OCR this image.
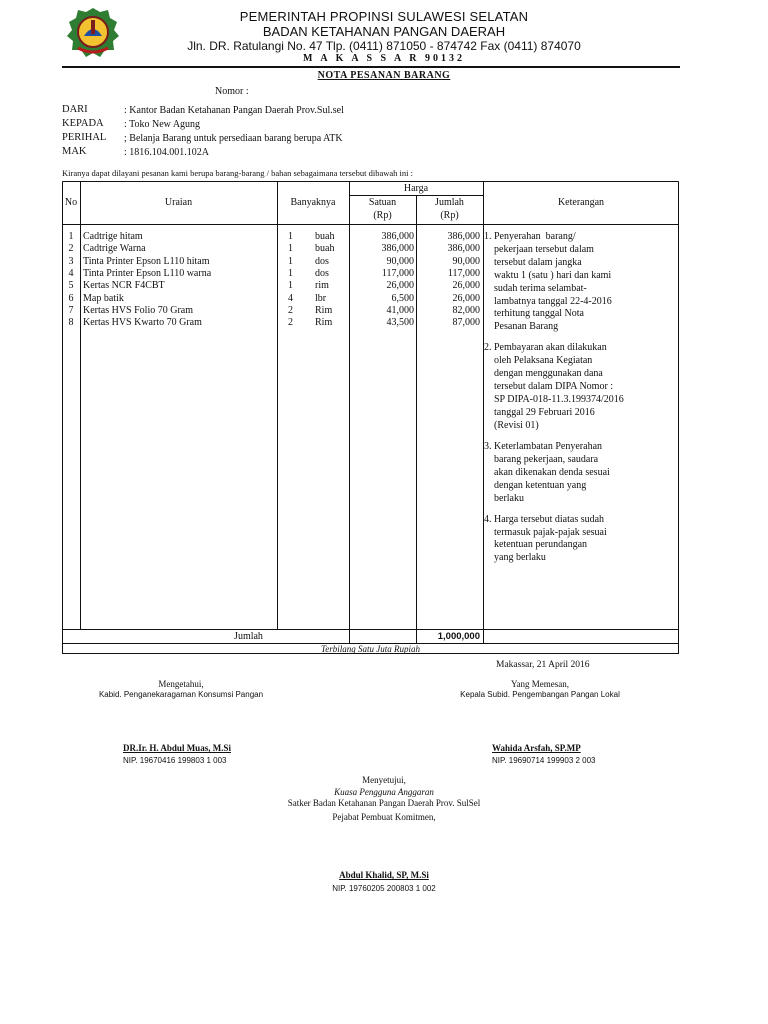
PEMERINTAH PROPINSI SULAWESI SELATAN
BADAN KETAHANAN PANGAN DAERAH
Jln. DR. Ratulangi No. 47 Tlp. (0411) 871050 - 874742 Fax (0411) 874070
M A K A S S A R 90132
NOTA PESANAN BARANG
Nomor :
DARI	: Kantor Badan Ketahanan Pangan Daerah Prov.Sul.sel
KEPADA : Toko New Agung
PERIHAL ; Belanja Barang untuk persediaan barang berupa ATK
MAK	: 1816.104.001.102A
Kiranya dapat dilayani pesanan kami berupa barang-barang / bahan sebagaimana tersebut dibawah ini :
No	Uraian	Banyaknya
Harga
Satuan
(Rp)
Jumlah
(Rp)
Keterangan
1 Cadtrige hitam	1	buah	386,000	386,000
2 Cadtrige Warna	1	buah	386,000	386,000
3 Tinta Printer Epson L110 hitam	1	dos	90,000	90,000
4 Tinta Printer Epson L110 warna	1	dos	117,000	117,000
5 Kertas NCR F4CBT	1	rim	26,000	26,000
6 Map batik	4	lbr	6,500	26,000
7 Kertas HVS Folio 70 Gram	2	Rim	41,000	82,000
8 Kertas HVS Kwarto 70 Gram	2	Rim	43,500	87,000
1. Penyerahan  barang/
pekerjaan tersebut dalam
tersebut dalam jangka
waktu 1 (satu ) hari dan kami
sudah terima selambat-
lambatnya tanggal 22-4-2016
terhitung tanggal Nota
Pesanan Barang
2. Pembayaran akan dilakukan
oleh Pelaksana Kegiatan
dengan menggunakan dana
tersebut dalam DIPA Nomor :
SP DIPA-018-11.3.199374/2016
tanggal 29 Februari 2016
(Revisi 01)
3. Keterlambatan Penyerahan
barang pekerjaan, saudara
akan dikenakan denda sesuai
dengan ketentuan yang
berlaku
4. Harga tersebut diatas sudah
termasuk pajak-pajak sesuai
ketentuan perundangan
yang berlaku
Jumlah	1,000,000
Terbilang Satu Juta Rupiah
Makassar, 21 April 2016
Mengetahui,
Kabid. Penganekaragaman Konsumsi Pangan
DR.Ir. H. Abdul Muas, M.Si
NIP. 19670416 199803 1 003
Yang Memesan,
Kepala Subid. Pengembangan Pangan Lokal
Wahida Arsfah, SP.MP
NIP. 19690714 199903 2 003
Menyetujui,
Kuasa Pengguna Anggaran
Satker Badan Ketahanan Pangan Daerah Prov. SulSel
Pejabat Pembuat Komitmen,
Abdul Khalid, SP, M.Si
NIP. 19760205 200803 1 002
